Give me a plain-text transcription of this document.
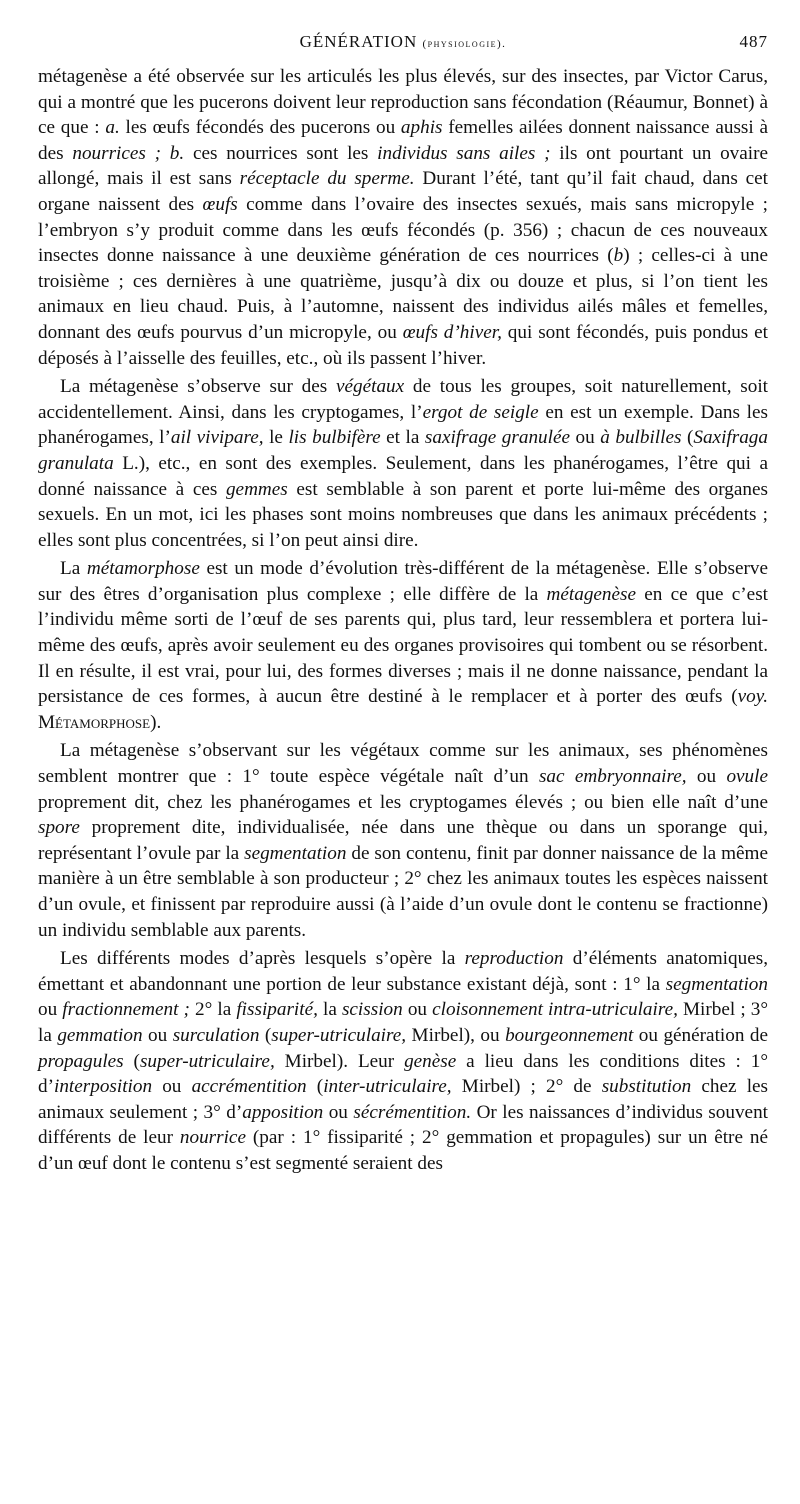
GÉNÉRATION (physiologie).	487

métagenèse a été observée sur les articulés les plus élevés, sur des insectes, par Victor Carus, qui a montré que les pucerons doivent leur reproduction sans fécondation (Réaumur, Bonnet) à ce que : a. les œufs fécondés des pucerons ou aphis femelles ailées donnent naissance aussi à des nourrices ; b. ces nourrices sont les individus sans ailes ; ils ont pourtant un ovaire allongé, mais il est sans réceptacle du sperme. Durant l’été, tant qu’il fait chaud, dans cet organe naissent des œufs comme dans l’ovaire des insectes sexués, mais sans micropyle ; l’embryon s’y produit comme dans les œufs fécondés (p. 356) ; chacun de ces nouveaux insectes donne naissance à une deuxième génération de ces nourrices (b) ; celles-ci à une troisième ; ces dernières à une quatrième, jusqu’à dix ou douze et plus, si l’on tient les animaux en lieu chaud. Puis, à l’automne, naissent des individus ailés mâles et femelles, donnant des œufs pourvus d’un micropyle, ou œufs d’hiver, qui sont fécondés, puis pondus et déposés à l’aisselle des feuilles, etc., où ils passent l’hiver.

La métagenèse s’observe sur des végétaux de tous les groupes, soit naturellement, soit accidentellement. Ainsi, dans les cryptogames, l’ergot de seigle en est un exemple. Dans les phanérogames, l’ail vivipare, le lis bulbifère et la saxifrage granulée ou à bulbilles (Saxifraga granulata L.), etc., en sont des exemples. Seulement, dans les phanérogames, l’être qui a donné naissance à ces gemmes est semblable à son parent et porte lui-même des organes sexuels. En un mot, ici les phases sont moins nombreuses que dans les animaux précédents ; elles sont plus concentrées, si l’on peut ainsi dire.

La métamorphose est un mode d’évolution très-différent de la métagenèse. Elle s’observe sur des êtres d’organisation plus complexe ; elle diffère de la métagenèse en ce que c’est l’individu même sorti de l’œuf de ses parents qui, plus tard, leur ressemblera et portera lui-même des œufs, après avoir seulement eu des organes provisoires qui tombent ou se résorbent. Il en résulte, il est vrai, pour lui, des formes diverses ; mais il ne donne naissance, pendant la persistance de ces formes, à aucun être destiné à le remplacer et à porter des œufs (voy. Métamorphose).

La métagenèse s’observant sur les végétaux comme sur les animaux, ses phénomènes semblent montrer que : 1° toute espèce végétale naît d’un sac embryonnaire, ou ovule proprement dit, chez les phanérogames et les cryptogames élevés ; ou bien elle naît d’une spore proprement dite, individualisée, née dans une thèque ou dans un sporange qui, représentant l’ovule par la segmentation de son contenu, finit par donner naissance de la même manière à un être semblable à son producteur ; 2° chez les animaux toutes les espèces naissent d’un ovule, et finissent par reproduire aussi (à l’aide d’un ovule dont le contenu se fractionne) un individu semblable aux parents.

Les différents modes d’après lesquels s’opère la reproduction d’éléments anatomiques, émettant et abandonnant une portion de leur substance existant déjà, sont : 1° la segmentation ou fractionnement ; 2° la fissiparité, la scission ou cloisonnement intra-utriculaire, Mirbel ; 3° la gemmation ou surculation (super-utriculaire, Mirbel), ou bourgeonnement ou génération de propagules (super-utriculaire, Mirbel). Leur genèse a lieu dans les conditions dites : 1° d’interposition ou accrémentition (inter-utriculaire, Mirbel) ; 2° de substitution chez les animaux seulement ; 3° d’apposition ou sécrémentition. Or les naissances d’individus souvent différents de leur nourrice (par : 1° fissiparité ; 2° gemmation et propagules) sur un être né d’un œuf dont le contenu s’est segmenté seraient des
